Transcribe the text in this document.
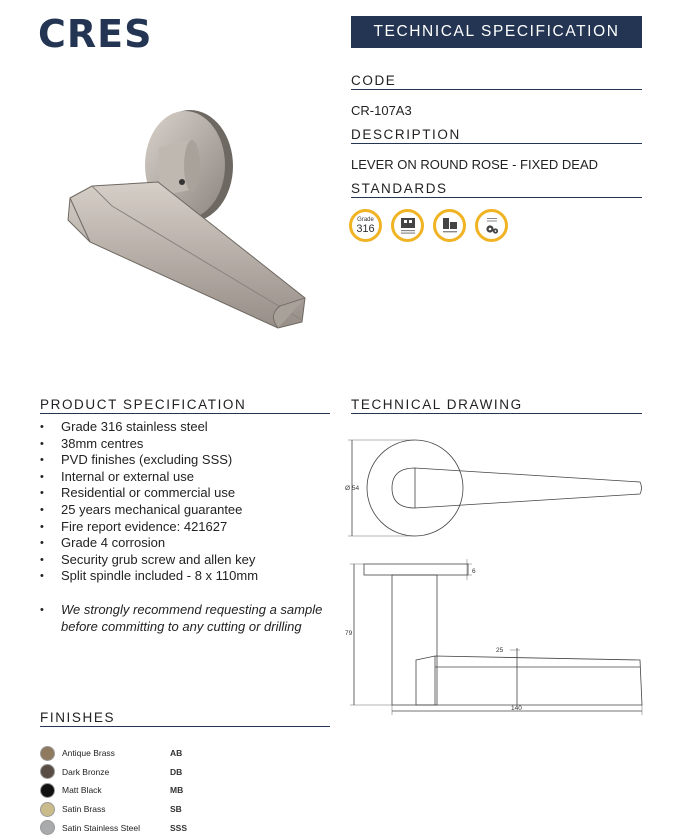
CRES	TECHNICAL SPECIFICATION
CODE
CR-107A3
DESCRIPTION
LEVER ON ROUND ROSE - FIXED DEAD
STANDARDS
Grade
316
PRODUCT SPECIFICATION
• Grade 316 stainless steel
• 38mm centres
• PVD finishes (excluding SSS)
• Internal or external use
• Residential or commercial use
• 25 years mechanical guarantee
• Fire report evidence: 421627
• Grade 4 corrosion
• Security grub screw and allen key
• Split spindle included - 8 x 110mm
• We strongly recommend requesting a sample before committing to any cutting or drilling
TECHNICAL DRAWING
Ø 54
6
79
25
140
FINISHES
Antique Brass	AB
Dark Bronze	DB
Matt Black	MB
Satin Brass	SB
Satin Stainless Steel	SSS
